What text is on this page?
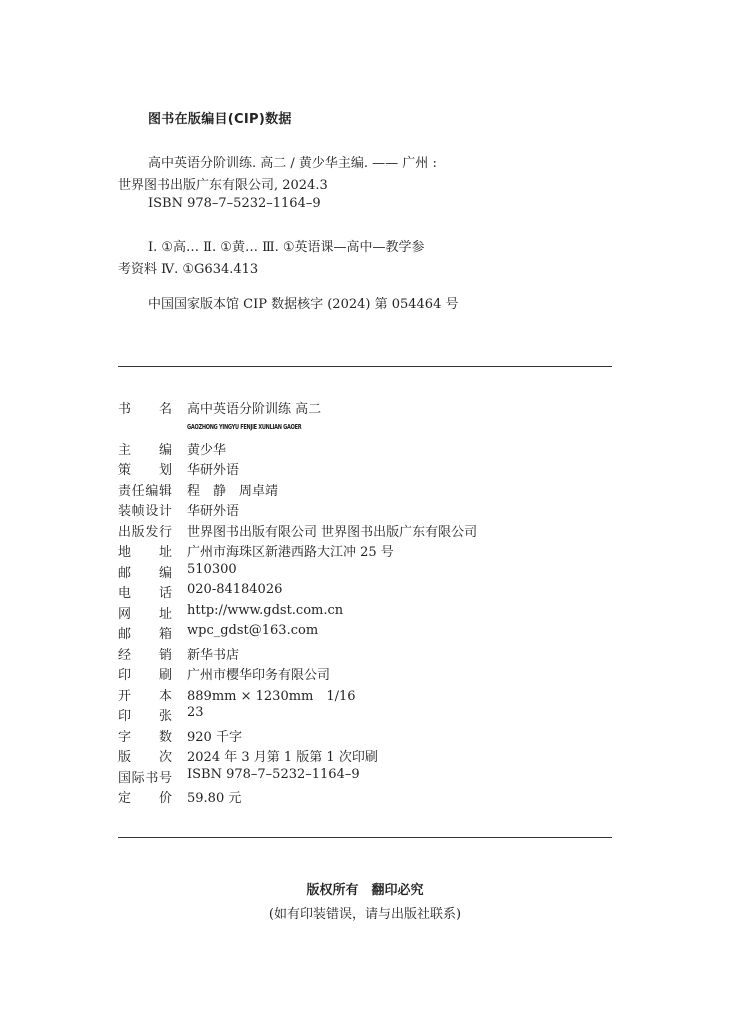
图书在版编目(CIP)数据
高中英语分阶训练. 高二 / 黄少华主编. —— 广州 :
世界图书出版广东有限公司, 2024.3
ISBN 978–7–5232–1164–9
Ⅰ. ①高… Ⅱ. ①黄… Ⅲ. ①英语课—高中—教学参
考资料 Ⅳ. ①G634.413
中国国家版本馆 CIP 数据核字 (2024) 第 054464 号
书　名 高中英语分阶训练 高二
主　编 黄少华
策　划 华研外语
责任编辑 程　静　周卓靖
装帧设计 华研外语
出版发行 世界图书出版有限公司 世界图书出版广东有限公司
地　址 广州市海珠区新港西路大江冲 25 号
邮　编 510300
电　话 020-84184026
网　址 http://www.gdst.com.cn
邮　箱 wpc_gdst@163.com
经　销 新华书店
印　刷 广州市樱华印务有限公司
开　本 889mm × 1230mm　1/16
印　张 23
字　数 920 千字
版　次 2024 年 3 月第 1 版第 1 次印刷
国际书号 ISBN 978–7–5232–1164–9
定　价 59.80 元
GAOZHONG YINGYU FENJIE XUNLIAN GAOER
版权所有　翻印必究
(如有印装错误，请与出版社联系)
